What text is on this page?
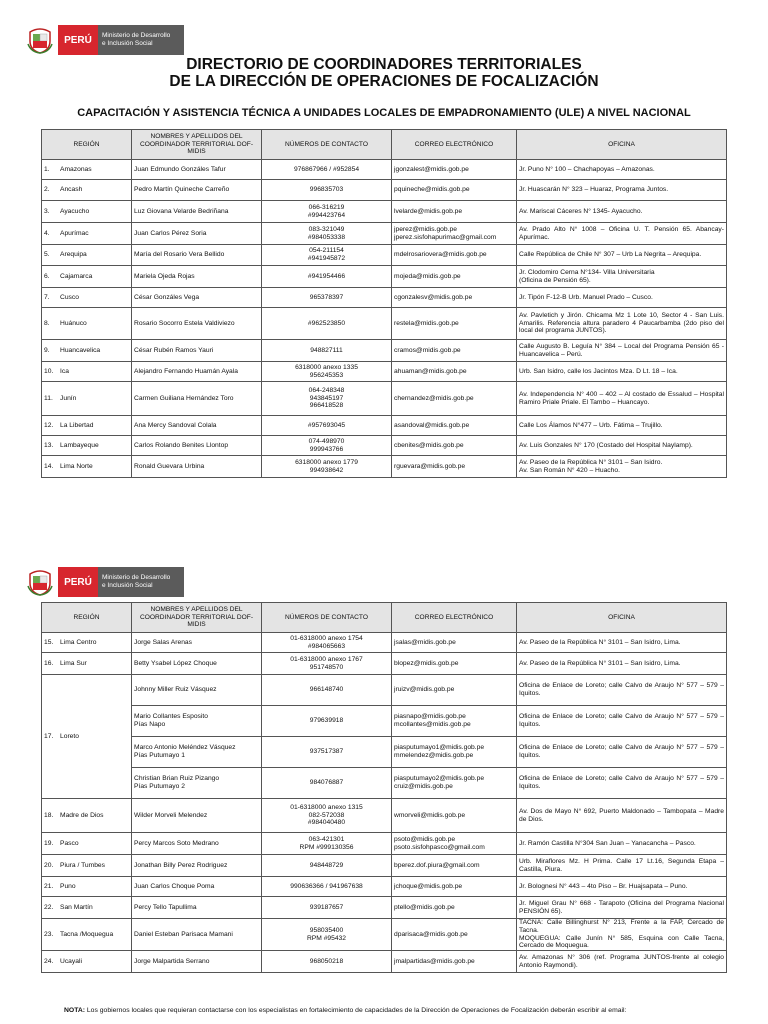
PERÚ	Ministerio de Desarrollo
e Inclusión Social
DIRECTORIO DE COORDINADORES TERRITORIALES
DE LA DIRECCIÓN DE OPERACIONES DE FOCALIZACIÓN
CAPACITACIÓN Y ASISTENCIA TÉCNICA A UNIDADES LOCALES DE EMPADRONAMIENTO (ULE) A NIVEL NACIONAL
REGIÓN	NOMBRES Y APELLIDOS DEL COORDINADOR TERRITORIAL DOF-MIDIS	NÚMEROS DE CONTACTO	CORREO ELECTRÓNICO	OFICINA
1. Amazonas	Juan Edmundo Gonzáles Tafur	976867966 / #952854	jgonzalest@midis.gob.pe	Jr. Puno N° 100 – Chachapoyas – Amazonas.

2. Ancash	Pedro Martín Quineche Carreño	996835703	pquineche@midis.gob.pe	Jr. Huascarán N° 323 – Huaraz, Programa Juntos.

3. Ayacucho	Luz Giovana Velarde Bedriñana	066-316219
#994423764	lvelarde@midis.gob.pe	Av. Mariscal Cáceres N° 1345- Ayacucho.

4. Apurímac	Juan Carlos Pérez Soria	083-321049
#984053338	jperez@midis.gob.pe
jperez.sisfohapurimac@gmail.com	Av. Prado Alto N° 1008 – Oficina U. T. Pensión 65. Abancay-Apurímac.

5. Arequipa	María del Rosario Vera Bellido	054-211154
#941945872	mdelrosariovera@midis.gob.pe	Calle República de Chile N° 307 – Urb La Negrita – Arequipa.

6. Cajamarca	Mariela Ojeda Rojas	#941954466	mojeda@midis.gob.pe	Jr. Clodomiro Cerna N°134- Villa Universitaria
(Oficina de Pensión 65).

7. Cusco	César Gonzáles Vega	965378397	cgonzalesv@midis.gob.pe	Jr. Tipón F-12-B Urb. Manuel Prado – Cusco.

8. Huánuco	Rosario Socorro Estela Valdiviezo	#962523850	restela@midis.gob.pe	Av. Pavletich y Jirón. Chicama Mz 1 Lote 10, Sector 4 - San Luis. Amarilis. Referencia altura paradero 4 Paucarbamba (2do piso del local del programa JUNTOS).

9. Huancavelica	César Rubén Ramos Yauri	948827111	cramos@midis.gob.pe	Calle Augusto B. Leguía N° 384 – Local del Programa Pensión 65 - Huancavelica – Perú.

10. Ica	Alejandro Fernando Huamán Ayala	6318000 anexo 1335
956245353	ahuaman@midis.gob.pe	Urb. San Isidro, calle los Jacintos Mza. D Lt. 18 – Ica.

11. Junín	Carmen Guiliana Hernández Toro	064-248348
943845197
966418528	chernandez@midis.gob.pe	Av. Independencia N° 400 – 402 – Al costado de Essalud – Hospital Ramiro Priale Priale. El Tambo – Huancayo.

12. La Libertad	Ana Mercy Sandoval Colala	#957693045	asandoval@midis.gob.pe	Calle Los Álamos N°477 – Urb. Fátima – Trujillo.

13. Lambayeque	Carlos Rolando Benites Llontop	074-498970
999943766	cbenites@midis.gob.pe	Av. Luis Gonzales N° 170 (Costado del Hospital Naylamp).

14. Lima Norte	Ronald Guevara Urbina	6318000 anexo 1779
994938642	rguevara@midis.gob.pe	Av. Paseo de la República N° 3101 – San Isidro.
Av. San Román N° 420 – Huacho.
PERÚ	Ministerio de Desarrollo
e Inclusión Social
REGIÓN	NOMBRES Y APELLIDOS DEL COORDINADOR TERRITORIAL DOF-MIDIS	NÚMEROS DE CONTACTO	CORREO ELECTRÓNICO	OFICINA
15. Lima Centro	Jorge Salas Arenas	01-6318000 anexo 1754
#984065663	jsalas@midis.gob.pe	Av. Paseo de la República N° 3101 – San Isidro, Lima.

16. Lima Sur	Betty Ysabel López Choque	01-6318000 anexo 1767
951748570	blopez@midis.gob.pe	Av. Paseo de la República N° 3101 – San Isidro, Lima.

17. Loreto	Johnny Miller Ruiz Vásquez	966148740	jruizv@midis.gob.pe	Oficina de Enlace de Loreto; calle Calvo de Araujo N° 577 – 579 – Iquitos.

	Mario Collantes Esposito
Pías Napo	979639918	piasnapo@midis.gob.pe
mcollantes@midis.gob.pe	Oficina de Enlace de Loreto; calle Calvo de Araujo N° 577 – 579 – Iquitos.

	Marco Antonio Meléndez Vásquez
Pías Putumayo 1	937517387	piasputumayo1@midis.gob.pe
mmelendez@midis.gob.pe	Oficina de Enlace de Loreto; calle Calvo de Araujo N° 577 – 579 – Iquitos.

	Christian Brian Ruiz Pizango
Pías Putumayo 2	984076887	piasputumayo2@midis.gob.pe
cruiz@midis.gob.pe	Oficina de Enlace de Loreto; calle Calvo de Araujo N° 577 – 579 – Iquitos.

18. Madre de Dios	Wilder Morveli Melendez	01-6318000 anexo 1315
082-572038
#984040480	wmorveli@midis.gob.pe	Av. Dos de Mayo N° 692, Puerto Maldonado – Tambopata – Madre de Dios.

19. Pasco	Percy Marcos Soto Medrano	063-421301
RPM #999130356	psoto@midis.gob.pe
psoto.sisfohpasco@gmail.com	Jr. Ramón Castilla N°304 San Juan – Yanacancha – Pasco.

20. Piura / Tumbes	Jonathan Billy Perez Rodriguez	948448729	bperez.dof.piura@gmail.com	Urb. Miraflores Mz. H Prima. Calle 17 Lt.16, Segunda Etapa – Castilla, Piura.

21. Puno	Juan Carlos Choque Poma	990636366 / 941967638	jchoque@midis.gob.pe	Jr. Bolognesi N° 443 – 4to Piso – Br. Huajsapata – Puno.

22. San Martín	Percy Tello Tapullima	939187657	ptello@midis.gob.pe	Jr. Miguel Grau N° 668 - Tarapoto (Oficina del Programa Nacional PENSIÓN 65).

23. Tacna /Moquegua	Daniel Esteban Parisaca Mamani	958035400
RPM #95432	dparisaca@midis.gob.pe	TACNA: Calle Billinghurst N° 213, Frente a la FAP, Cercado de Tacna.
MOQUEGUA: Calle Junín N° 585, Esquina con Calle Tacna, Cercado de Moquegua.

24. Ucayali	Jorge Malpartida Serrano	968050218	jmalpartidas@midis.gob.pe	Av. Amazonas N° 306 (ref. Programa JUNTOS-frente al colegio Antonio Raymondi).
NOTA: Los gobiernos locales que requieran contactarse con los especialistas en fortalecimiento de capacidades de la Dirección de Operaciones de Focalización deberán escribir al email:
